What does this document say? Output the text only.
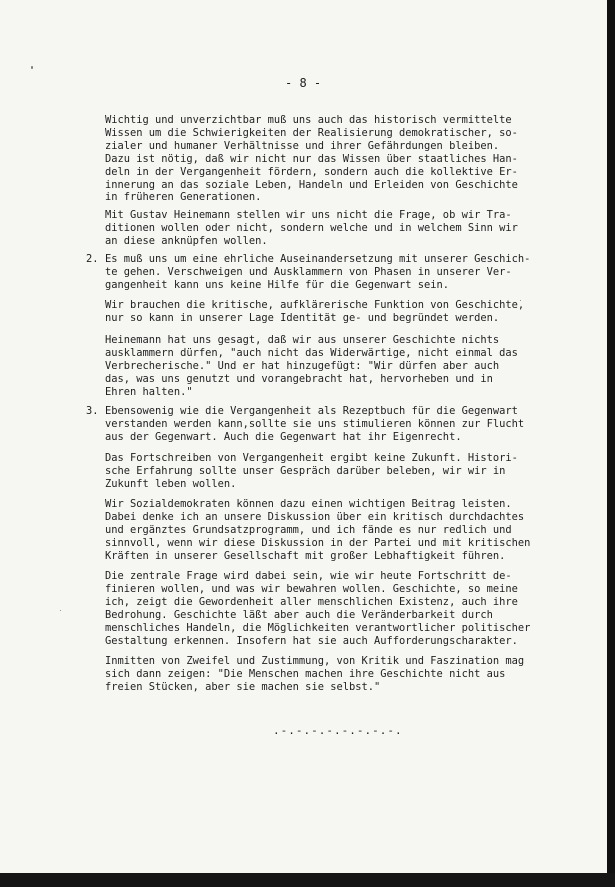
- 8 -
Wichtig und unverzichtbar muß uns auch das historisch vermittelte
Wissen um die Schwierigkeiten der Realisierung demokratischer, so-
zialer und humaner Verhältnisse und ihrer Gefährdungen bleiben.
Dazu ist nötig, daß wir nicht nur das Wissen über staatliches Han-
deln in der Vergangenheit fördern, sondern auch die kollektive Er-
innerung an das soziale Leben, Handeln und Erleiden von Geschichte
in früheren Generationen.
Mit Gustav Heinemann stellen wir uns nicht die Frage, ob wir Tra-
ditionen wollen oder nicht, sondern welche und in welchem Sinn wir
an diese anknüpfen wollen.
2. Es muß uns um eine ehrliche Auseinandersetzung mit unserer Geschich-
te gehen. Verschweigen und Ausklammern von Phasen in unserer Ver-
gangenheit kann uns keine Hilfe für die Gegenwart sein.
Wir brauchen die kritische, aufklärerische Funktion von Geschichte,
nur so kann in unserer Lage Identität ge- und begründet werden.
Heinemann hat uns gesagt, daß wir aus unserer Geschichte nichts
ausklammern dürfen, "auch nicht das Widerwärtige, nicht einmal das
Verbrecherische." Und er hat hinzugefügt: "Wir dürfen aber auch
das, was uns genutzt und vorangebracht hat, hervorheben und in
Ehren halten."
3. Ebensowenig wie die Vergangenheit als Rezeptbuch für die Gegenwart
verstanden werden kann,sollte sie uns stimulieren können zur Flucht
aus der Gegenwart. Auch die Gegenwart hat ihr Eigenrecht.
Das Fortschreiben von Vergangenheit ergibt keine Zukunft. Histori-
sche Erfahrung sollte unser Gespräch darüber beleben, wir wir in
Zukunft leben wollen.
Wir Sozialdemokraten können dazu einen wichtigen Beitrag leisten.
Dabei denke ich an unsere Diskussion über ein kritisch durchdachtes
und ergänztes Grundsatzprogramm, und ich fände es nur redlich und
sinnvoll, wenn wir diese Diskussion in der Partei und mit kritischen
Kräften in unserer Gesellschaft mit großer Lebhaftigkeit führen.
Die zentrale Frage wird dabei sein, wie wir heute Fortschritt de-
finieren wollen, und was wir bewahren wollen. Geschichte, so meine
ich, zeigt die Gewordenheit aller menschlichen Existenz, auch ihre
Bedrohung. Geschichte läßt aber auch die Veränderbarkeit durch
menschliches Handeln, die Möglichkeiten verantwortlicher politischer
Gestaltung erkennen. Insofern hat sie auch Aufforderungscharakter.
Inmitten von Zweifel und Zustimmung, von Kritik und Faszination mag
sich dann zeigen: "Die Menschen machen ihre Geschichte nicht aus
freien Stücken, aber sie machen sie selbst."
.-.-.-.-.-.-.-.-.
